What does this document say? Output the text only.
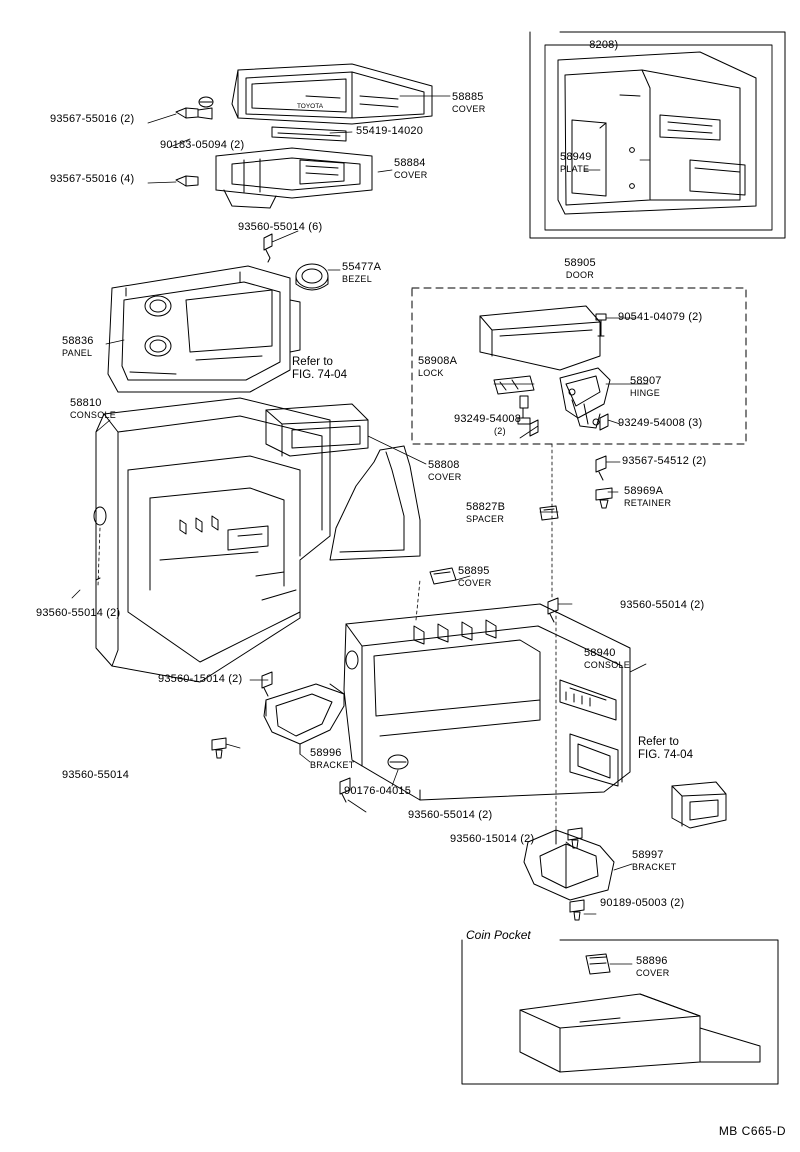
TOYOTA
—8208)
58949
PLATE
93567-55016 (2)
58885
COVER
55419-14020
90183-05094 (2)
58884
COVER
93567-55016 (4)
93560-55014 (6)
55477A
BEZEL
58836
PANEL
58810
CONSOLE
58905
DOOR
90541-04079 (2)
58908A
LOCK
58907
HINGE
93249-54008
(2)
93249-54008 (3)
93560-55014 (2)
93567-54512 (2)
58969A
RETAINER
58808
COVER
58827B
SPACER
58895
COVER
93560-55014 (2)
58940
CONSOLE
93560-15014 (2)
58996
BRACKET
93560-55014
90176-04015
93560-55014 (2)
93560-15014 (2)
58997
BRACKET
90189-05003 (2)
Coin Pocket
58896
COVER
Refer to
FIG. 74-04
Refer to
FIG. 74-04
MB C665-D
